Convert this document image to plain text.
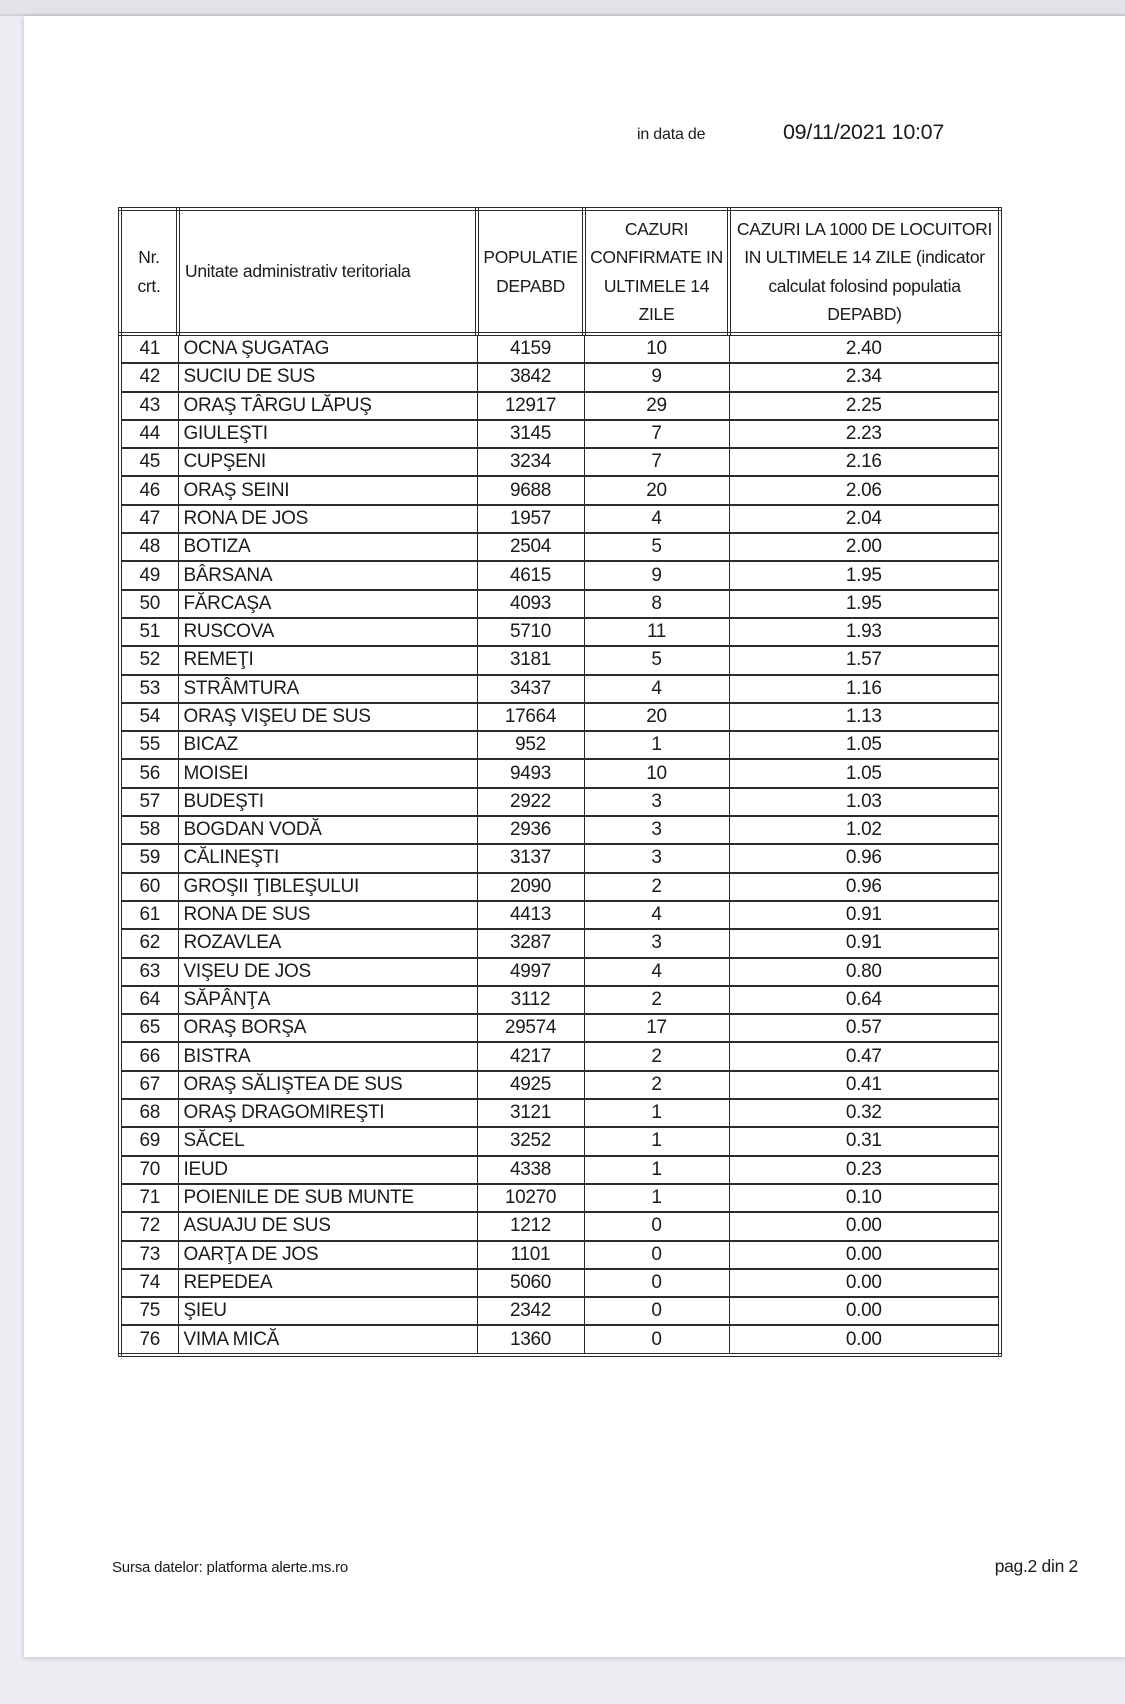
in data de	09/11/2021 10:07
Nr. crt.	Unitate administrativ teritoriala	POPULATIE DEPABD	CAZURI CONFIRMATE IN ULTIMELE 14 ZILE	CAZURI LA 1000 DE LOCUITORI IN ULTIMELE 14 ZILE (indicator calculat folosind populatia DEPABD)
41	OCNA ŞUGATAG	4159	10	2.40
42	SUCIU DE SUS	3842	9	2.34
43	ORAŞ TÂRGU LĂPUŞ	12917	29	2.25
44	GIULEŞTI	3145	7	2.23
45	CUPŞENI	3234	7	2.16
46	ORAŞ SEINI	9688	20	2.06
47	RONA DE JOS	1957	4	2.04
48	BOTIZA	2504	5	2.00
49	BÂRSANA	4615	9	1.95
50	FĂRCAŞA	4093	8	1.95
51	RUSCOVA	5710	11	1.93
52	REMEŢI	3181	5	1.57
53	STRÂMTURA	3437	4	1.16
54	ORAŞ VIŞEU DE SUS	17664	20	1.13
55	BICAZ	952	1	1.05
56	MOISEI	9493	10	1.05
57	BUDEŞTI	2922	3	1.03
58	BOGDAN VODĂ	2936	3	1.02
59	CĂLINEŞTI	3137	3	0.96
60	GROŞII ŢIBLEŞULUI	2090	2	0.96
61	RONA DE SUS	4413	4	0.91
62	ROZAVLEA	3287	3	0.91
63	VIŞEU DE JOS	4997	4	0.80
64	SĂPÂNŢA	3112	2	0.64
65	ORAŞ BORŞA	29574	17	0.57
66	BISTRA	4217	2	0.47
67	ORAŞ SĂLIŞTEA DE SUS	4925	2	0.41
68	ORAŞ DRAGOMIREŞTI	3121	1	0.32
69	SĂCEL	3252	1	0.31
70	IEUD	4338	1	0.23
71	POIENILE DE SUB MUNTE	10270	1	0.10
72	ASUAJU DE SUS	1212	0	0.00
73	OARŢA DE JOS	1101	0	0.00
74	REPEDEA	5060	0	0.00
75	ŞIEU	2342	0	0.00
76	VIMA MICĂ	1360	0	0.00
Sursa datelor: platforma alerte.ms.ro	pag.2 din 2
